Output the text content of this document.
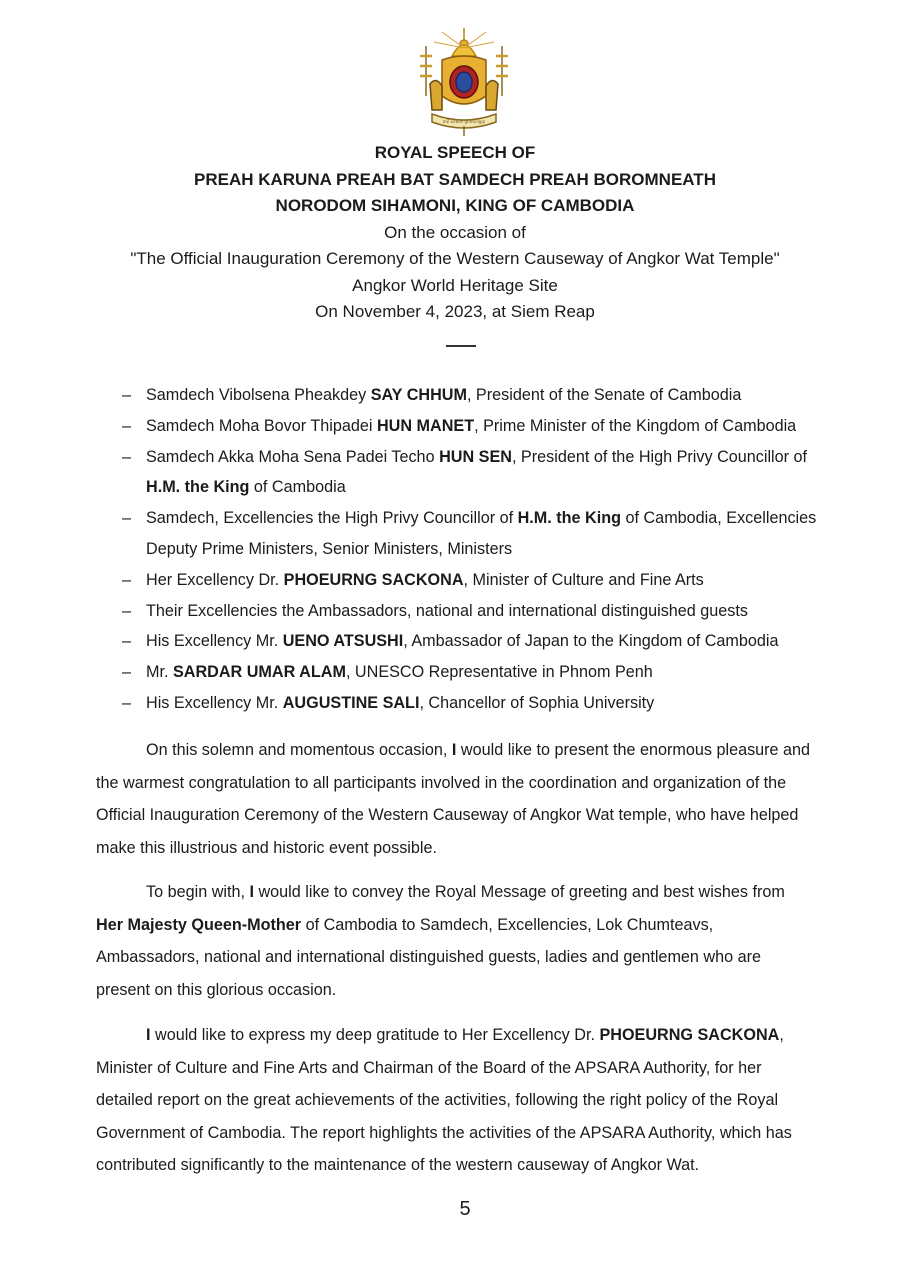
ជាតិ សាសនា ព្រះមហាក្សត្រ
ROYAL SPEECH OF
PREAH KARUNA PREAH BAT SAMDECH PREAH BOROMNEATH
NORODOM SIHAMONI, KING OF CAMBODIA
On the occasion of
"The Official Inauguration Ceremony of the Western Causeway of Angkor Wat Temple"
Angkor World Heritage Site
On November 4, 2023, at Siem Reap
– Samdech Vibolsena Pheakdey SAY CHHUM, President of the Senate of Cambodia
– Samdech Moha Bovor Thipadei HUN MANET, Prime Minister of the Kingdom of Cambodia
– Samdech Akka Moha Sena Padei Techo HUN SEN, President of the High Privy Councillor of H.M. the King of Cambodia
– Samdech, Excellencies the High Privy Councillor of H.M. the King of Cambodia, Excellencies Deputy Prime Ministers, Senior Ministers, Ministers
– Her Excellency Dr. PHOEURNG SACKONA, Minister of Culture and Fine Arts
– Their Excellencies the Ambassadors, national and international distinguished guests
– His Excellency Mr. UENO ATSUSHI, Ambassador of Japan to the Kingdom of Cambodia
– Mr. SARDAR UMAR ALAM, UNESCO Representative in Phnom Penh
– His Excellency Mr. AUGUSTINE SALI, Chancellor of Sophia University

On this solemn and momentous occasion, I would like to present the enormous pleasure and the warmest congratulation to all participants involved in the coordination and organization of the Official Inauguration Ceremony of the Western Causeway of Angkor Wat temple, who have helped make this illustrious and historic event possible.

To begin with, I would like to convey the Royal Message of greeting and best wishes from Her Majesty Queen-Mother of Cambodia to Samdech, Excellencies, Lok Chumteavs, Ambassadors, national and international distinguished guests, ladies and gentlemen who are present on this glorious occasion.

I would like to express my deep gratitude to Her Excellency Dr. PHOEURNG SACKONA, Minister of Culture and Fine Arts and Chairman of the Board of the APSARA Authority, for her detailed report on the great achievements of the activities, following the right policy of the Royal Government of Cambodia. The report highlights the activities of the APSARA Authority, which has contributed significantly to the maintenance of the western causeway of Angkor Wat.

5
